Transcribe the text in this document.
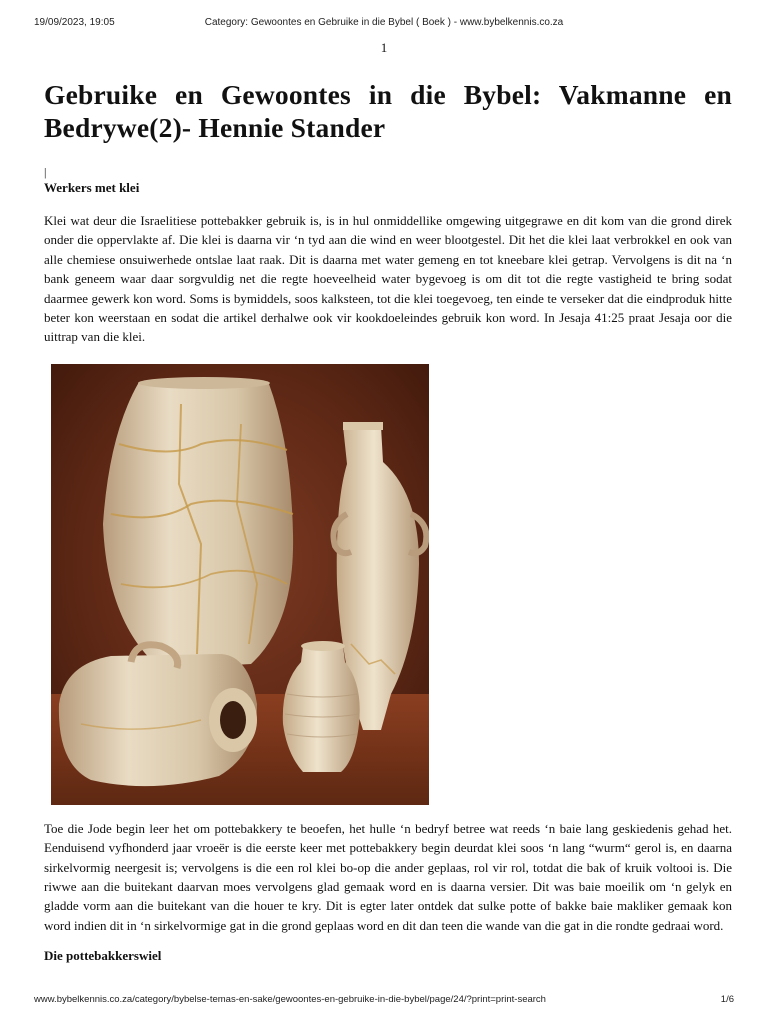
19/09/2023, 19:05	Category: Gewoontes en Gebruike in die Bybel ( Boek ) - www.bybelkennis.co.za
1
Gebruike en Gewoontes in die Bybel: Vakmanne en Bedrywe(2)- Hennie Stander
|
Werkers met klei

Klei wat deur die Israelitiese pottebakker gebruik is, is in hul onmiddellike omgewing uitgegrawe en dit kom van die grond direk onder die oppervlakte af. Die klei is daarna vir ‘n tyd aan die wind en weer blootgestel. Dit het die klei laat verbrokkel en ook van alle chemiese onsuiwerhede ontslae laat raak. Dit is daarna met water gemeng en tot kneebare klei getrap. Vervolgens is dit na ‘n bank geneem waar daar sorgvuldig net die regte hoeveelheid water bygevoeg is om dit tot die regte vastigheid te bring sodat daarmee gewerk kon word. Soms is bymiddels, soos kalksteen, tot die klei toegevoeg, ten einde te verseker dat die eindproduk hitte beter kon weerstaan en sodat die artikel derhalwe ook vir kookdoeleindes gebruik kon word. In Jesaja 41:25 praat Jesaja oor die uittrap van die klei.

Toe die Jode begin leer het om pottebakkery te beoefen, het hulle ‘n bedryf betree wat reeds ‘n baie lang geskiedenis gehad het. Eenduisend vyfhonderd jaar vroeër is die eerste keer met pottebakkery begin deurdat klei soos ‘n lang “wurm“ gerol is, en daarna sirkelvormig neergesit is; vervolgens is die een rol klei bo-op die ander geplaas, rol vir rol, totdat die bak of kruik voltooi is. Die riwwe aan die buitekant daarvan moes vervolgens glad gemaak word en is daarna versier. Dit was baie moeilik om ‘n gelyk en gladde vorm aan die buitekant van die houer te kry. Dit is egter later ontdek dat sulke potte of bakke baie makliker gemaak kon word indien dit in ‘n sirkelvormige gat in die grond geplaas word en dit dan teen die wande van die gat in die rondte gedraai word.

Die pottebakkerswiel
www.bybelkennis.co.za/category/bybelse-temas-en-sake/gewoontes-en-gebruike-in-die-bybel/page/24/?print=print-search	1/6
